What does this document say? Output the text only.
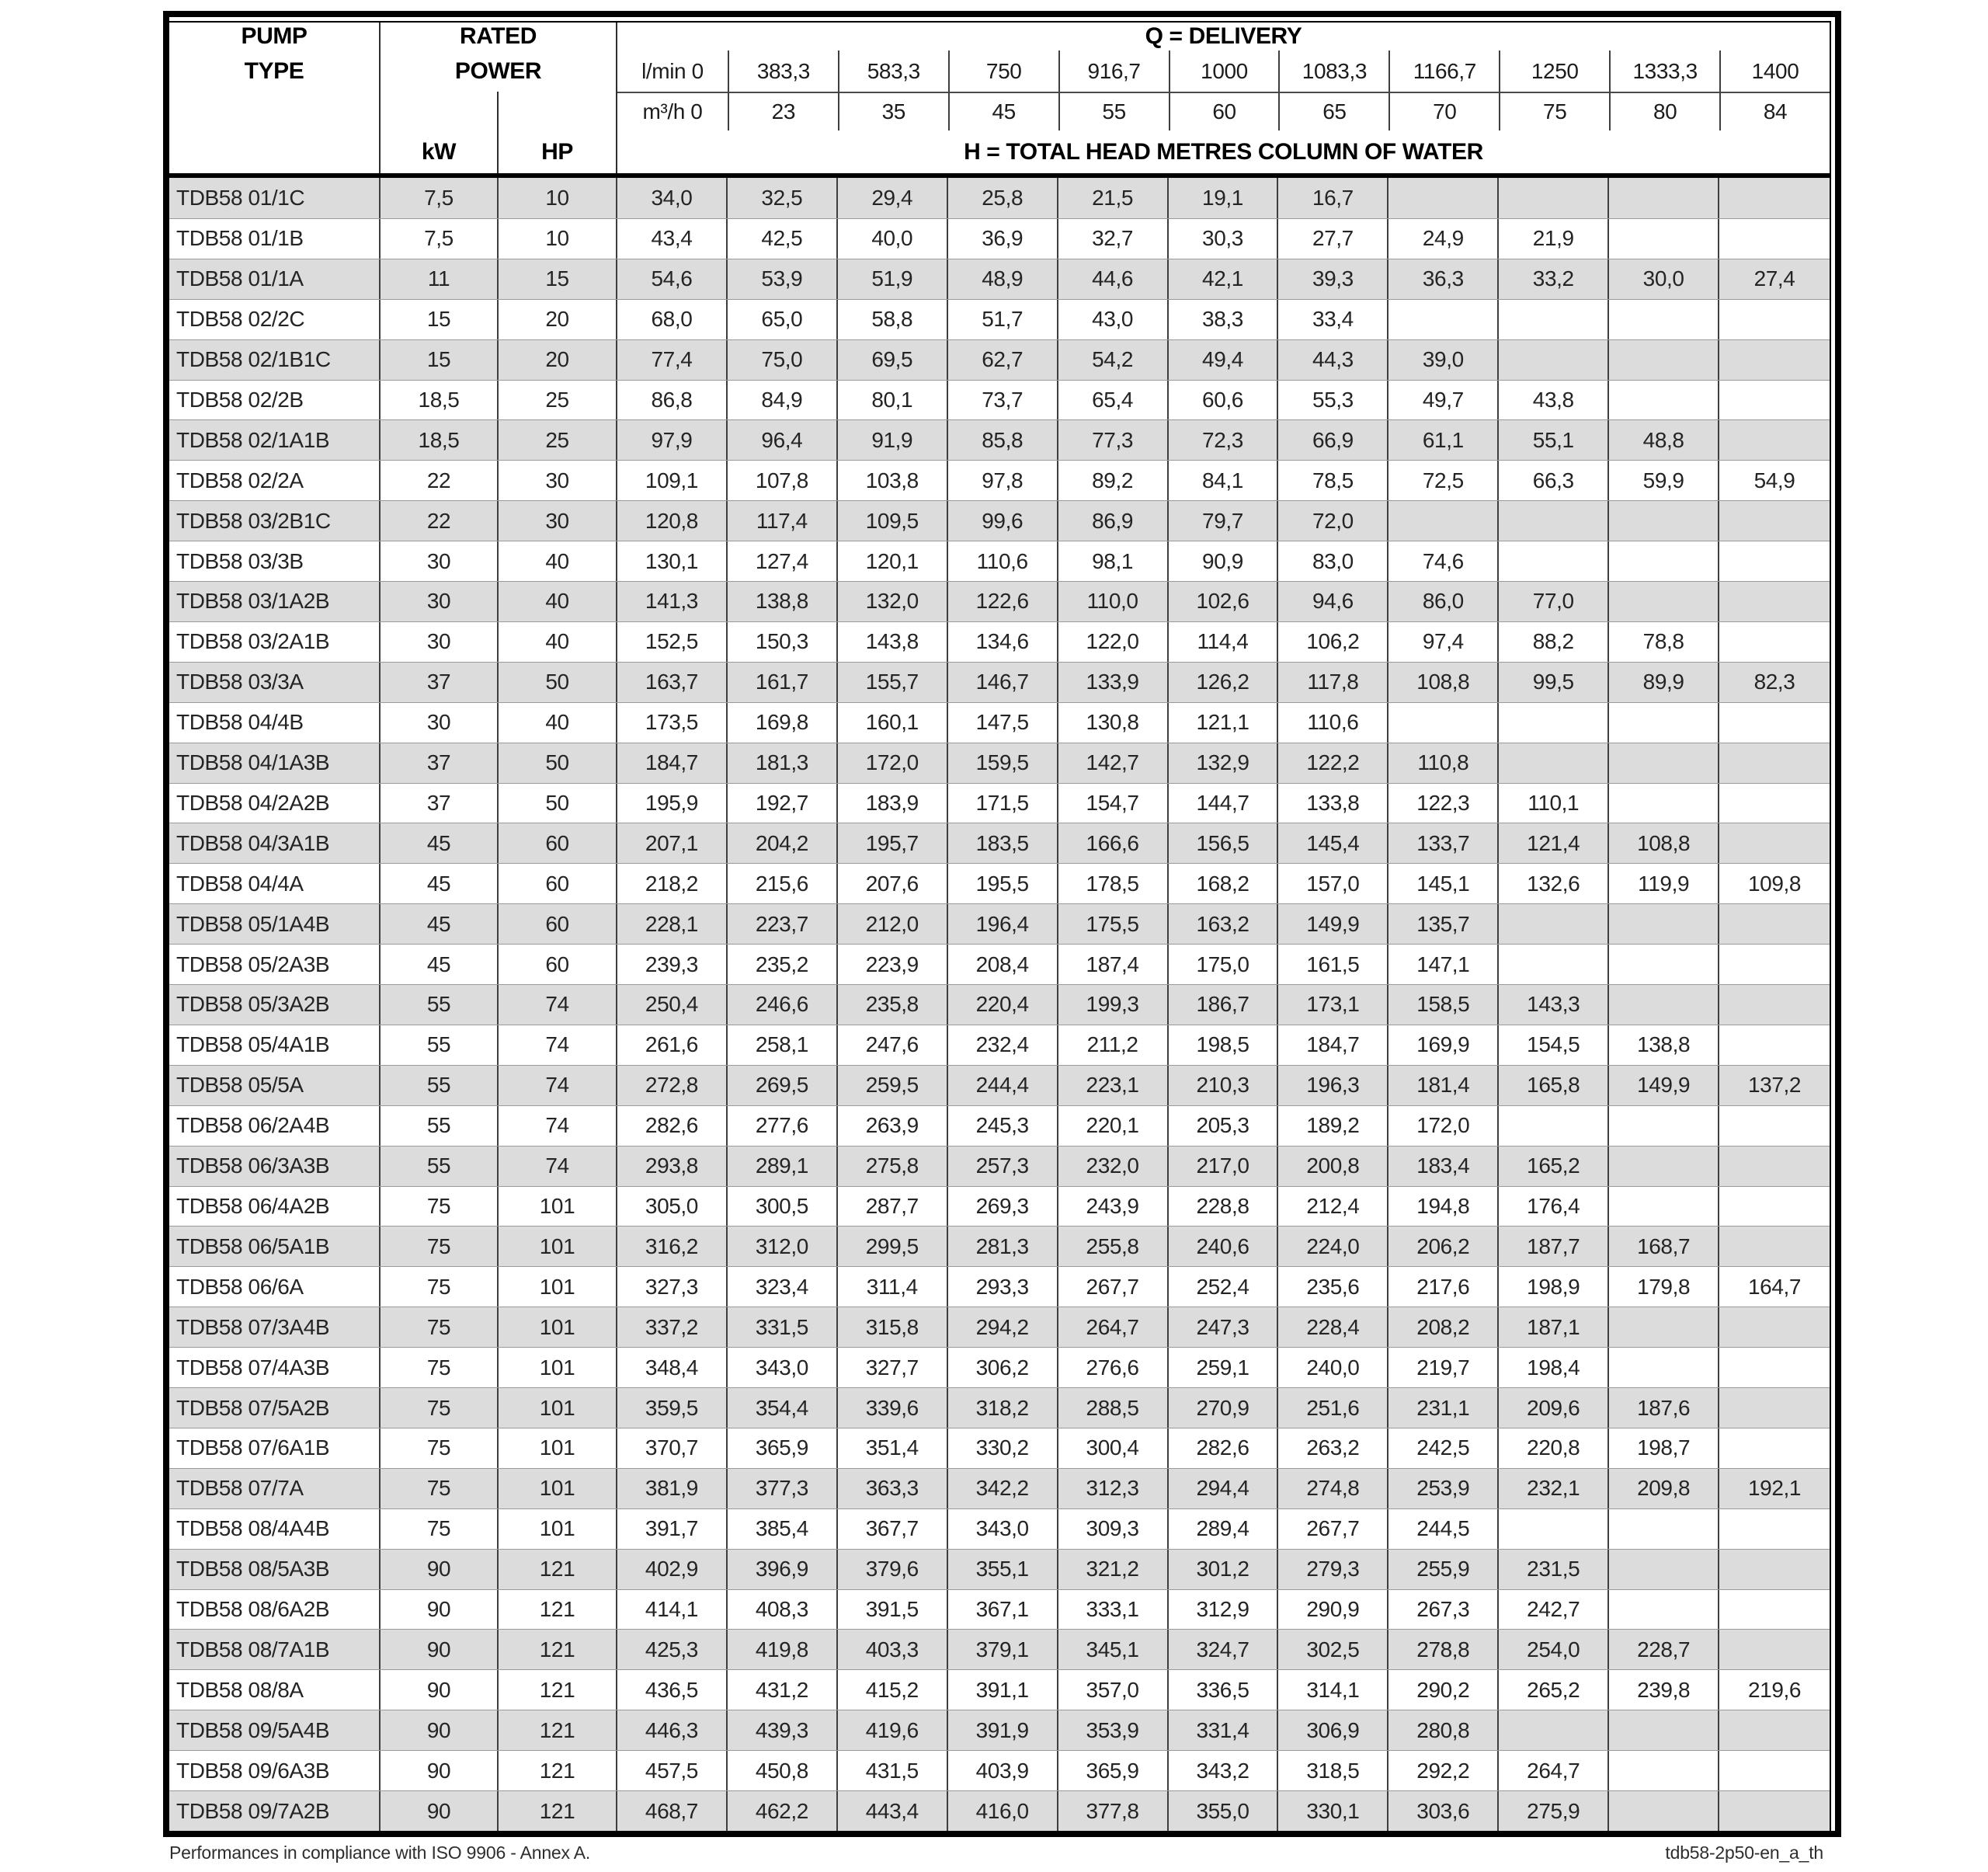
PUMP	RATED	Q = DELIVERY
TYPE	POWER	l/min 0	383,3	583,3	750	916,7	1000	1083,3	1166,7	1250	1333,3	1400
m³/h 0	23	35	45	55	60	65	70	75	80	84
kW	HP	H = TOTAL HEAD METRES COLUMN OF WATER
TDB58 01/1C	7,5	10	34,0	32,5	29,4	25,8	21,5	19,1	16,7
TDB58 01/1B	7,5	10	43,4	42,5	40,0	36,9	32,7	30,3	27,7	24,9	21,9
TDB58 01/1A	11	15	54,6	53,9	51,9	48,9	44,6	42,1	39,3	36,3	33,2	30,0	27,4
TDB58 02/2C	15	20	68,0	65,0	58,8	51,7	43,0	38,3	33,4
TDB58 02/1B1C	15	20	77,4	75,0	69,5	62,7	54,2	49,4	44,3	39,0
TDB58 02/2B	18,5	25	86,8	84,9	80,1	73,7	65,4	60,6	55,3	49,7	43,8
TDB58 02/1A1B	18,5	25	97,9	96,4	91,9	85,8	77,3	72,3	66,9	61,1	55,1	48,8
TDB58 02/2A	22	30	109,1	107,8	103,8	97,8	89,2	84,1	78,5	72,5	66,3	59,9	54,9
TDB58 03/2B1C	22	30	120,8	117,4	109,5	99,6	86,9	79,7	72,0
TDB58 03/3B	30	40	130,1	127,4	120,1	110,6	98,1	90,9	83,0	74,6
TDB58 03/1A2B	30	40	141,3	138,8	132,0	122,6	110,0	102,6	94,6	86,0	77,0
TDB58 03/2A1B	30	40	152,5	150,3	143,8	134,6	122,0	114,4	106,2	97,4	88,2	78,8
TDB58 03/3A	37	50	163,7	161,7	155,7	146,7	133,9	126,2	117,8	108,8	99,5	89,9	82,3
TDB58 04/4B	30	40	173,5	169,8	160,1	147,5	130,8	121,1	110,6
TDB58 04/1A3B	37	50	184,7	181,3	172,0	159,5	142,7	132,9	122,2	110,8
TDB58 04/2A2B	37	50	195,9	192,7	183,9	171,5	154,7	144,7	133,8	122,3	110,1
TDB58 04/3A1B	45	60	207,1	204,2	195,7	183,5	166,6	156,5	145,4	133,7	121,4	108,8
TDB58 04/4A	45	60	218,2	215,6	207,6	195,5	178,5	168,2	157,0	145,1	132,6	119,9	109,8
TDB58 05/1A4B	45	60	228,1	223,7	212,0	196,4	175,5	163,2	149,9	135,7
TDB58 05/2A3B	45	60	239,3	235,2	223,9	208,4	187,4	175,0	161,5	147,1
TDB58 05/3A2B	55	74	250,4	246,6	235,8	220,4	199,3	186,7	173,1	158,5	143,3
TDB58 05/4A1B	55	74	261,6	258,1	247,6	232,4	211,2	198,5	184,7	169,9	154,5	138,8
TDB58 05/5A	55	74	272,8	269,5	259,5	244,4	223,1	210,3	196,3	181,4	165,8	149,9	137,2
TDB58 06/2A4B	55	74	282,6	277,6	263,9	245,3	220,1	205,3	189,2	172,0
TDB58 06/3A3B	55	74	293,8	289,1	275,8	257,3	232,0	217,0	200,8	183,4	165,2
TDB58 06/4A2B	75	101	305,0	300,5	287,7	269,3	243,9	228,8	212,4	194,8	176,4
TDB58 06/5A1B	75	101	316,2	312,0	299,5	281,3	255,8	240,6	224,0	206,2	187,7	168,7
TDB58 06/6A	75	101	327,3	323,4	311,4	293,3	267,7	252,4	235,6	217,6	198,9	179,8	164,7
TDB58 07/3A4B	75	101	337,2	331,5	315,8	294,2	264,7	247,3	228,4	208,2	187,1
TDB58 07/4A3B	75	101	348,4	343,0	327,7	306,2	276,6	259,1	240,0	219,7	198,4
TDB58 07/5A2B	75	101	359,5	354,4	339,6	318,2	288,5	270,9	251,6	231,1	209,6	187,6
TDB58 07/6A1B	75	101	370,7	365,9	351,4	330,2	300,4	282,6	263,2	242,5	220,8	198,7
TDB58 07/7A	75	101	381,9	377,3	363,3	342,2	312,3	294,4	274,8	253,9	232,1	209,8	192,1
TDB58 08/4A4B	75	101	391,7	385,4	367,7	343,0	309,3	289,4	267,7	244,5
TDB58 08/5A3B	90	121	402,9	396,9	379,6	355,1	321,2	301,2	279,3	255,9	231,5
TDB58 08/6A2B	90	121	414,1	408,3	391,5	367,1	333,1	312,9	290,9	267,3	242,7
TDB58 08/7A1B	90	121	425,3	419,8	403,3	379,1	345,1	324,7	302,5	278,8	254,0	228,7
TDB58 08/8A	90	121	436,5	431,2	415,2	391,1	357,0	336,5	314,1	290,2	265,2	239,8	219,6
TDB58 09/5A4B	90	121	446,3	439,3	419,6	391,9	353,9	331,4	306,9	280,8
TDB58 09/6A3B	90	121	457,5	450,8	431,5	403,9	365,9	343,2	318,5	292,2	264,7
TDB58 09/7A2B	90	121	468,7	462,2	443,4	416,0	377,8	355,0	330,1	303,6	275,9
Performances in compliance with ISO 9906 - Annex A.	tdb58-2p50-en_a_th
